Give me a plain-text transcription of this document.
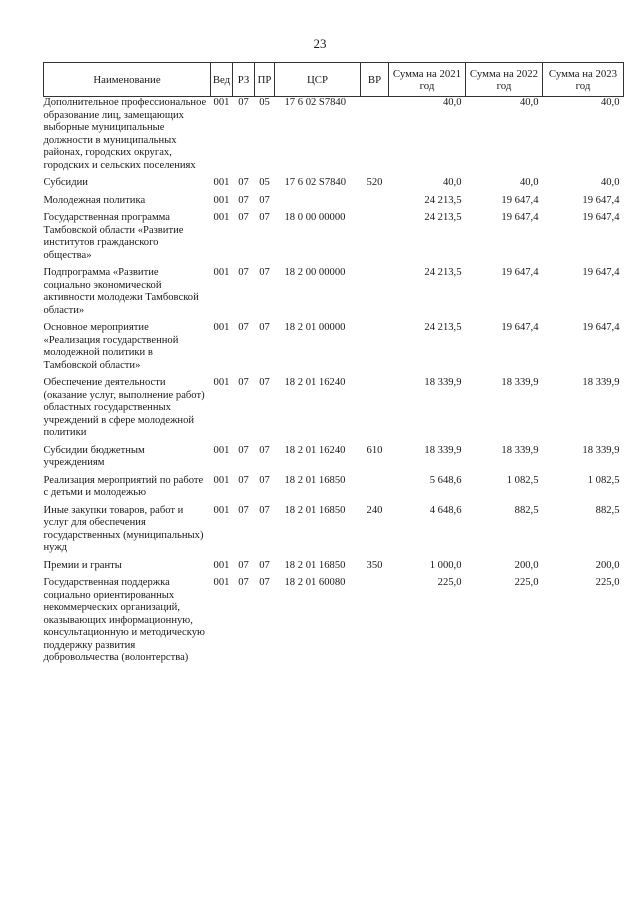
23
Наименование	Вед	РЗ	ПР	ЦСР	ВР	Сумма на 2021 год	Сумма на 2022 год	Сумма на 2023 год
Дополнительное профессиональное образование лиц, замещающих выборные муниципальные должности в муниципальных районах, городских округах, городских и сельских поселениях	001	07	05	17 6 02 S7840		40,0	40,0	40,0
Субсидии	001	07	05	17 6 02 S7840	520	40,0	40,0	40,0
Молодежная политика	001	07	07			24 213,5	19 647,4	19 647,4
Государственная программа Тамбовской области «Развитие институтов гражданского общества»	001	07	07	18 0 00 00000		24 213,5	19 647,4	19 647,4
Подпрограмма «Развитие социально экономической активности молодежи Тамбовской области»	001	07	07	18 2 00 00000		24 213,5	19 647,4	19 647,4
Основное мероприятие «Реализация государственной молодежной политики в Тамбовской области»	001	07	07	18 2 01 00000		24 213,5	19 647,4	19 647,4
Обеспечение деятельности (оказание услуг, выполнение работ) областных государственных учреждений в сфере молодежной политики	001	07	07	18 2 01 16240		18 339,9	18 339,9	18 339,9
Субсидии бюджетным учреждениям	001	07	07	18 2 01 16240	610	18 339,9	18 339,9	18 339,9
Реализация мероприятий по работе с детьми и молодежью	001	07	07	18 2 01 16850		5 648,6	1 082,5	1 082,5
Иные закупки товаров, работ и услуг для обеспечения государственных (муниципальных) нужд	001	07	07	18 2 01 16850	240	4 648,6	882,5	882,5
Премии и гранты	001	07	07	18 2 01 16850	350	1 000,0	200,0	200,0
Государственная поддержка социально ориентированных некоммерческих организаций, оказывающих информационную, консультационную и методическую поддержку развития добровольчества (волонтерства)	001	07	07	18 2 01 60080		225,0	225,0	225,0
